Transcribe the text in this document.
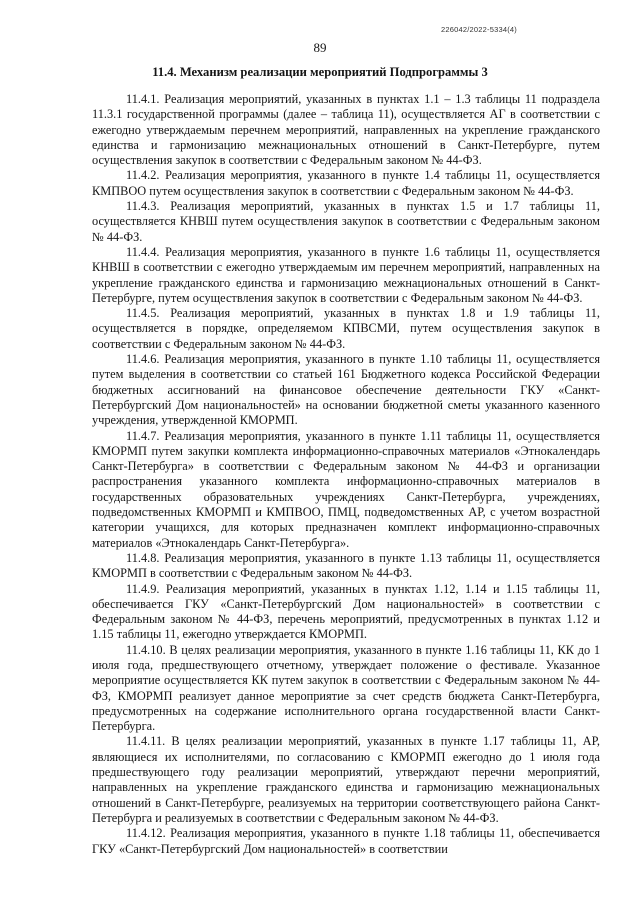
226042/2022-5334(4)
89
11.4. Механизм реализации мероприятий Подпрограммы 3

11.4.1. Реализация мероприятий, указанных в пунктах 1.1 – 1.3 таблицы 11 подраздела 11.3.1 государственной программы (далее – таблица 11), осуществляется АГ в соответствии с ежегодно утверждаемым перечнем мероприятий, направленных на укрепление гражданского единства и гармонизацию межнациональных отношений в Санкт-Петербурге, путем осуществления закупок в соответствии с Федеральным законом № 44-ФЗ.

11.4.2. Реализация мероприятия, указанного в пункте 1.4 таблицы 11, осуществляется КМПВОО путем осуществления закупок в соответствии с Федеральным законом № 44-ФЗ.

11.4.3. Реализация мероприятий, указанных в пунктах 1.5 и 1.7 таблицы 11, осуществляется КНВШ путем осуществления закупок в соответствии с Федеральным законом № 44-ФЗ.

11.4.4. Реализация мероприятия, указанного в пункте 1.6 таблицы 11, осуществляется КНВШ в соответствии с ежегодно утверждаемым им перечнем мероприятий, направленных на укрепление гражданского единства и гармонизацию межнациональных отношений в Санкт-Петербурге, путем осуществления закупок в соответствии с Федеральным законом № 44-ФЗ.

11.4.5. Реализация мероприятий, указанных в пунктах 1.8 и 1.9 таблицы 11, осуществляется в порядке, определяемом КПВСМИ, путем осуществления закупок в соответствии с Федеральным законом № 44-ФЗ.

11.4.6. Реализация мероприятия, указанного в пункте 1.10 таблицы 11, осуществляется путем выделения в соответствии со статьей 161 Бюджетного кодекса Российской Федерации бюджетных ассигнований на финансовое обеспечение деятельности ГКУ «Санкт-Петербургский Дом национальностей» на основании бюджетной сметы указанного казенного учреждения, утвержденной КМОРМП.

11.4.7. Реализация мероприятия, указанного в пункте 1.11 таблицы 11, осуществляется КМОРМП путем закупки комплекта информационно-справочных материалов «Этнокалендарь Санкт-Петербурга» в соответствии с Федеральным законом № 44-ФЗ и организации распространения указанного комплекта информационно-справочных материалов в государственных образовательных учреждениях Санкт-Петербурга, учреждениях, подведомственных КМОРМП и КМПВОО, ПМЦ, подведомственных АР, с учетом возрастной категории учащихся, для которых предназначен комплект информационно-справочных материалов «Этнокалендарь Санкт-Петербурга».

11.4.8. Реализация мероприятия, указанного в пункте 1.13 таблицы 11, осуществляется КМОРМП в соответствии с Федеральным законом № 44-ФЗ.

11.4.9. Реализация мероприятий, указанных в пунктах 1.12, 1.14 и 1.15 таблицы 11, обеспечивается ГКУ «Санкт-Петербургский Дом национальностей» в соответствии с Федеральным законом № 44-ФЗ, перечень мероприятий, предусмотренных в пунктах 1.12 и 1.15 таблицы 11, ежегодно утверждается КМОРМП.

11.4.10. В целях реализации мероприятия, указанного в пункте 1.16 таблицы 11, КК до 1 июля года, предшествующего отчетному, утверждает положение о фестивале. Указанное мероприятие осуществляется КК путем закупок в соответствии с Федеральным законом № 44-ФЗ, КМОРМП реализует данное мероприятие за счет средств бюджета Санкт-Петербурга, предусмотренных на содержание исполнительного органа государственной власти Санкт-Петербурга.

11.4.11. В целях реализации мероприятий, указанных в пункте 1.17 таблицы 11, АР, являющиеся их исполнителями, по согласованию с КМОРМП ежегодно до 1 июля года предшествующего году реализации мероприятий, утверждают перечни мероприятий, направленных на укрепление гражданского единства и гармонизацию межнациональных отношений в Санкт-Петербурге, реализуемых на территории соответствующего района Санкт-Петербурга и реализуемых в соответствии с Федеральным законом № 44-ФЗ.

11.4.12. Реализация мероприятия, указанного в пункте 1.18 таблицы 11, обеспечивается ГКУ «Санкт-Петербургский Дом национальностей» в соответствии
